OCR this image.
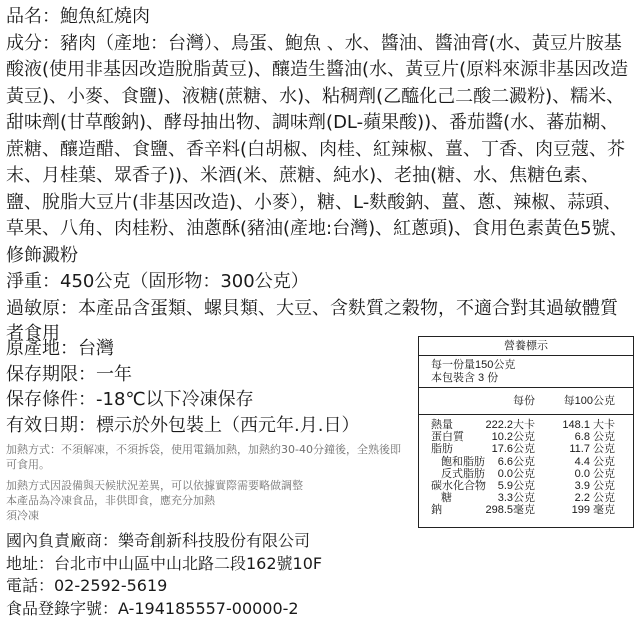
品名：鮑魚紅燒肉

成分：豬肉（產地：台灣）、鳥蛋、鮑魚 、水、醬油、醬油膏(水、黃豆片胺基酸液(使用非基因改造脫脂黃豆)、釀造生醬油(水、黃豆片(原料來源非基因改造黃豆)、小麥、食鹽)、液糖(蔗糖、水)、粘稠劑(乙醯化己二酸二澱粉)、糯米、甜味劑(甘草酸鈉)、酵母抽出物、調味劑(DL-蘋果酸))、番茄醬(水、蕃茄糊、蔗糖、釀造醋、食鹽、香辛料(白胡椒、肉桂、紅辣椒、薑、丁香、肉豆蔻、芥末、月桂葉、眾香子))、米酒(米、蔗糖、純水)、老抽(糖、水、焦糖色素、鹽、脫脂大豆片(非基因改造)、小麥），糖、L-麩酸鈉、薑、蔥、辣椒、蒜頭、草果、八角、肉桂粉、油蔥酥(豬油(產地:台灣)、紅蔥頭)、食用色素黃色5號、修飾澱粉

淨重：450公克（固形物：300公克）

過敏原：本產品含蛋類、螺貝類、大豆、含麩質之穀物，不適合對其過敏體質者食用

原產地：台灣

保存期限：一年

保存條件：-18℃以下冷凍保存

有效日期：標示於外包裝上（西元年.月.日）

加熱方式：不須解凍，不須拆袋，使用電鍋加熱，加熱約30-40分鐘後，全熟後即可食用。

加熱方式因設備與天候狀況差異，可以依據實際需要略做調整

本產品為冷凍食品，非供即食，應充分加熱

須冷凍

營養標示
每一份量150公克
本包裝含 3 份
每份	每100公克
熱量	222.2大卡 148.1 大卡
蛋白質	10.2公克	6.8 公克
脂肪	17.6公克	11.7 公克
飽和脂肪 6.6公克	4.4 公克
反式脂肪 0.0公克	0.0 公克
碳水化合物 5.9公克	3.9 公克
糖	3.3公克	2.2 公克
鈉	298.5毫克	199 毫克

國內負責廠商：樂奇創新科技股份有限公司

地址：台北市中山區中山北路二段162號10F

電話：02-2592-5619

食品登錄字號：A-194185557-00000-2
